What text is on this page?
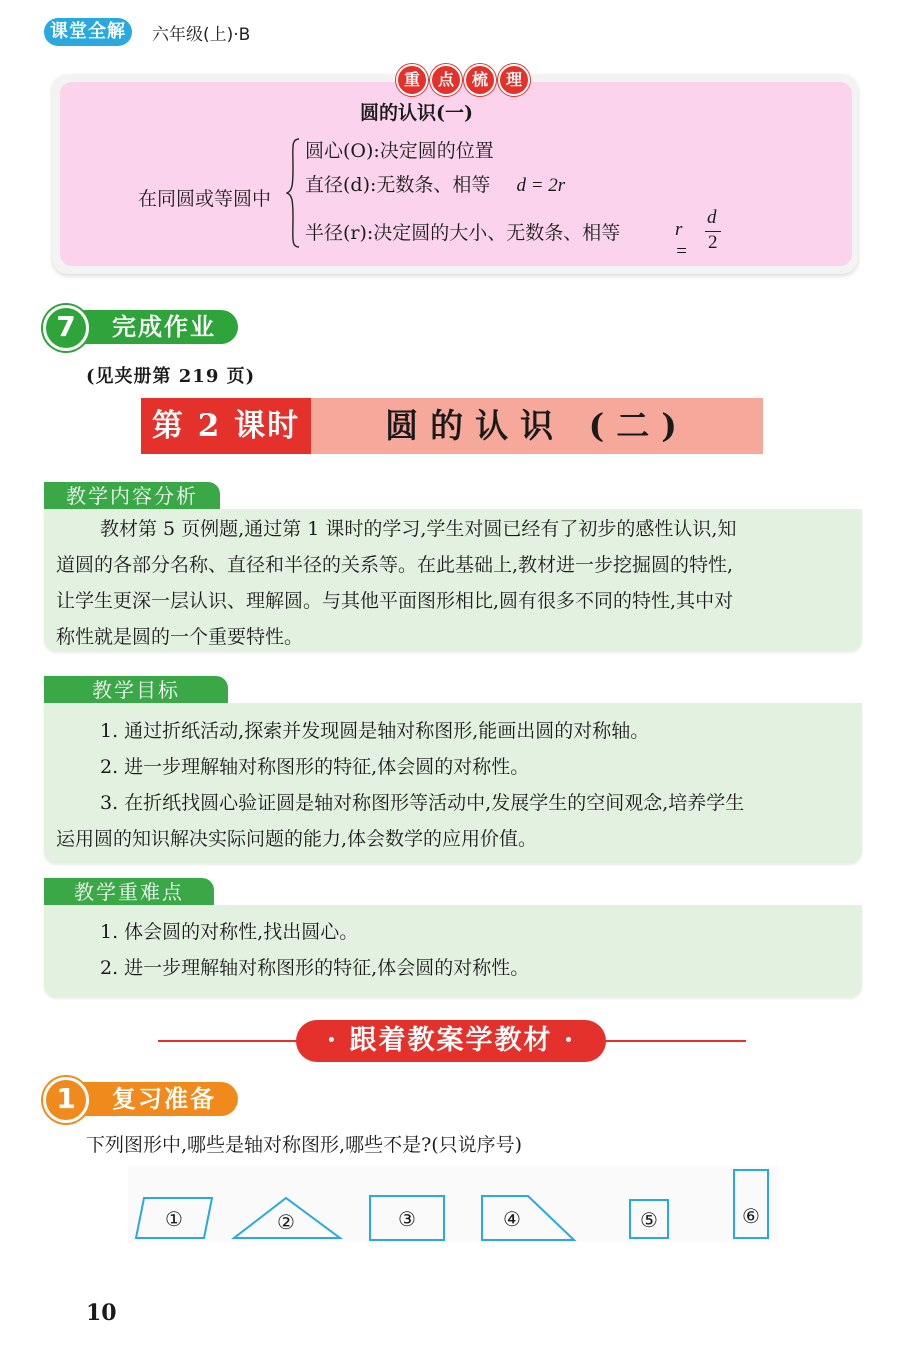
课堂全解	六年级(上)·B
重	点	梳	理
圆的认识(一)
在同圆或等圆中
圆心(O):决定圆的位置
直径(d):无数条、相等 d = 2r
半径(r):决定圆的大小、无数条、相等	r =
d
2
完成作业
7
(见夹册第 219 页)
第 2 课时	圆的认识 (二)
教学内容分析
教材第 5 页例题,通过第 1 课时的学习,学生对圆已经有了初步的感性认识,知
道圆的各部分名称、直径和半径的关系等。在此基础上,教材进一步挖掘圆的特性,
让学生更深一层认识、理解圆。与其他平面图形相比,圆有很多不同的特性,其中对
称性就是圆的一个重要特性。
教学目标
1. 通过折纸活动,探索并发现圆是轴对称图形,能画出圆的对称轴。
2. 进一步理解轴对称图形的特征,体会圆的对称性。
3. 在折纸找圆心验证圆是轴对称图形等活动中,发展学生的空间观念,培养学生
运用圆的知识解决实际问题的能力,体会数学的应用价值。
教学重难点
1. 体会圆的对称性,找出圆心。
2. 进一步理解轴对称图形的特征,体会圆的对称性。
· 跟着教案学教材 ·
复习准备
1
下列图形中,哪些是轴对称图形,哪些不是?(只说序号)
①	②	③	④	⑤	⑥
10
